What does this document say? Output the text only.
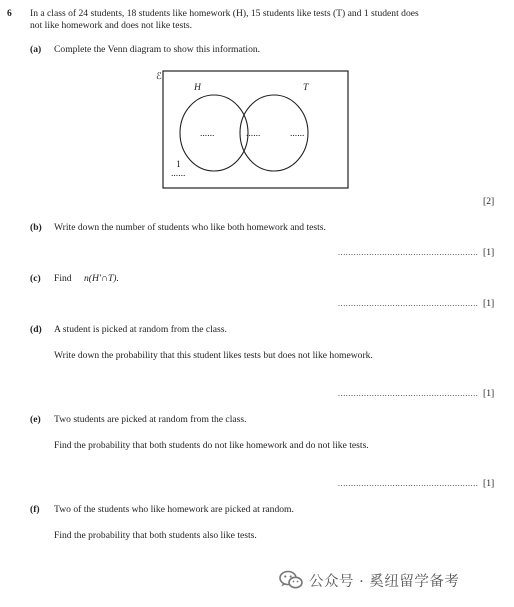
6 In a class of 24 students, 18 students like homework (H), 15 students like tests (T) and 1 student does
not like homework and does not like tests.
(a) Complete the Venn diagram to show this information.
ℰ
H	T
......	......	......
1
......
[2]
(b) Write down the number of students who like both homework and tests.
...................................................... [1]
(c) Find n(H′∩T).
...................................................... [1]
(d) A student is picked at random from the class.
Write down the probability that this student likes tests but does not like homework.
...................................................... [1]
(e) Two students are picked at random from the class.
Find the probability that both students do not like homework and do not like tests.
...................................................... [1]
(f) Two of the students who like homework are picked at random.
Find the probability that both students also like tests.
公众号 · 奚纽留学备考
